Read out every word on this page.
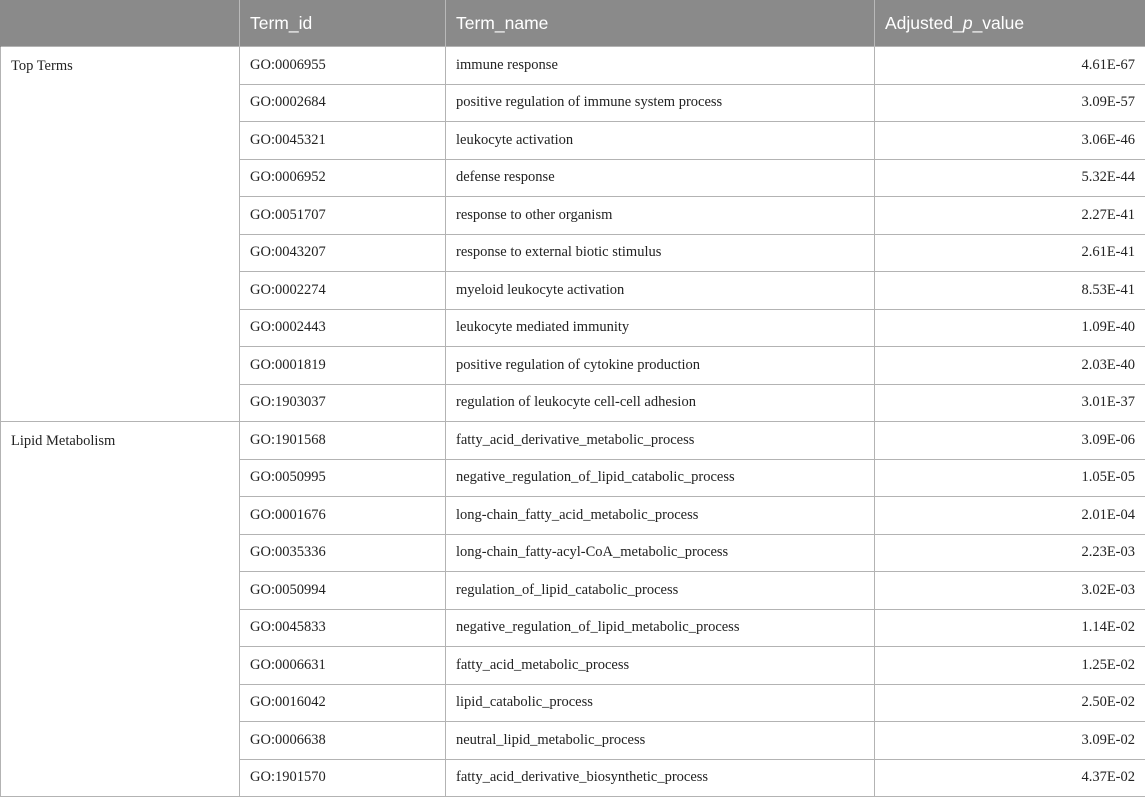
	Term_id	Term_name	Adjusted_p_value
Top Terms	GO:0006955	immune response	4.61E-67
	GO:0002684	positive regulation of immune system process	3.09E-57
	GO:0045321	leukocyte activation	3.06E-46
	GO:0006952	defense response	5.32E-44
	GO:0051707	response to other organism	2.27E-41
	GO:0043207	response to external biotic stimulus	2.61E-41
	GO:0002274	myeloid leukocyte activation	8.53E-41
	GO:0002443	leukocyte mediated immunity	1.09E-40
	GO:0001819	positive regulation of cytokine production	2.03E-40
	GO:1903037	regulation of leukocyte cell-cell adhesion	3.01E-37
Lipid Metabolism	GO:1901568	fatty_acid_derivative_metabolic_process	3.09E-06
	GO:0050995	negative_regulation_of_lipid_catabolic_process	1.05E-05
	GO:0001676	long-chain_fatty_acid_metabolic_process	2.01E-04
	GO:0035336	long-chain_fatty-acyl-CoA_metabolic_process	2.23E-03
	GO:0050994	regulation_of_lipid_catabolic_process	3.02E-03
	GO:0045833	negative_regulation_of_lipid_metabolic_process	1.14E-02
	GO:0006631	fatty_acid_metabolic_process	1.25E-02
	GO:0016042	lipid_catabolic_process	2.50E-02
	GO:0006638	neutral_lipid_metabolic_process	3.09E-02
	GO:1901570	fatty_acid_derivative_biosynthetic_process	4.37E-02
